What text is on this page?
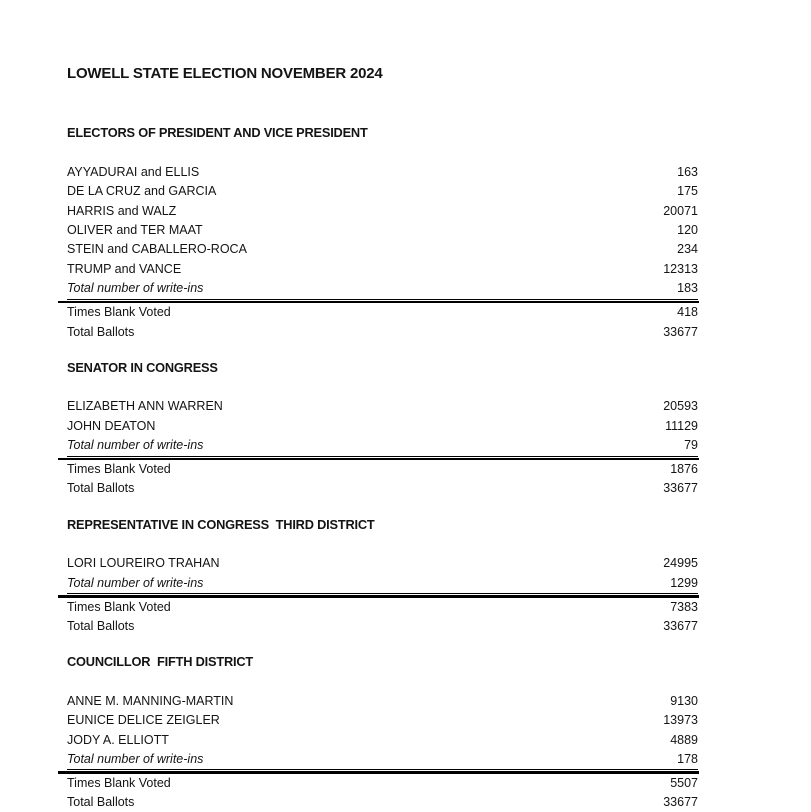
LOWELL STATE ELECTION NOVEMBER 2024
ELECTORS OF PRESIDENT AND VICE PRESIDENT
AYYADURAI and ELLIS	163
DE LA CRUZ and GARCIA	175
HARRIS and WALZ	20071
OLIVER and TER MAAT	120
STEIN and CABALLERO-ROCA	234
TRUMP and VANCE	12313
Total number of write-ins	183
Times Blank Voted	418
Total Ballots	33677
SENATOR IN CONGRESS
ELIZABETH ANN WARREN	20593
JOHN DEATON	11129
Total number of write-ins	79
Times Blank Voted	1876
Total Ballots	33677
REPRESENTATIVE IN CONGRESS  THIRD DISTRICT
LORI LOUREIRO TRAHAN	24995
Total number of write-ins	1299
Times Blank Voted	7383
Total Ballots	33677
COUNCILLOR  FIFTH DISTRICT
ANNE M. MANNING-MARTIN	9130
EUNICE DELICE ZEIGLER	13973
JODY A. ELLIOTT	4889
Total number of write-ins	178
Times Blank Voted	5507
Total Ballots	33677
